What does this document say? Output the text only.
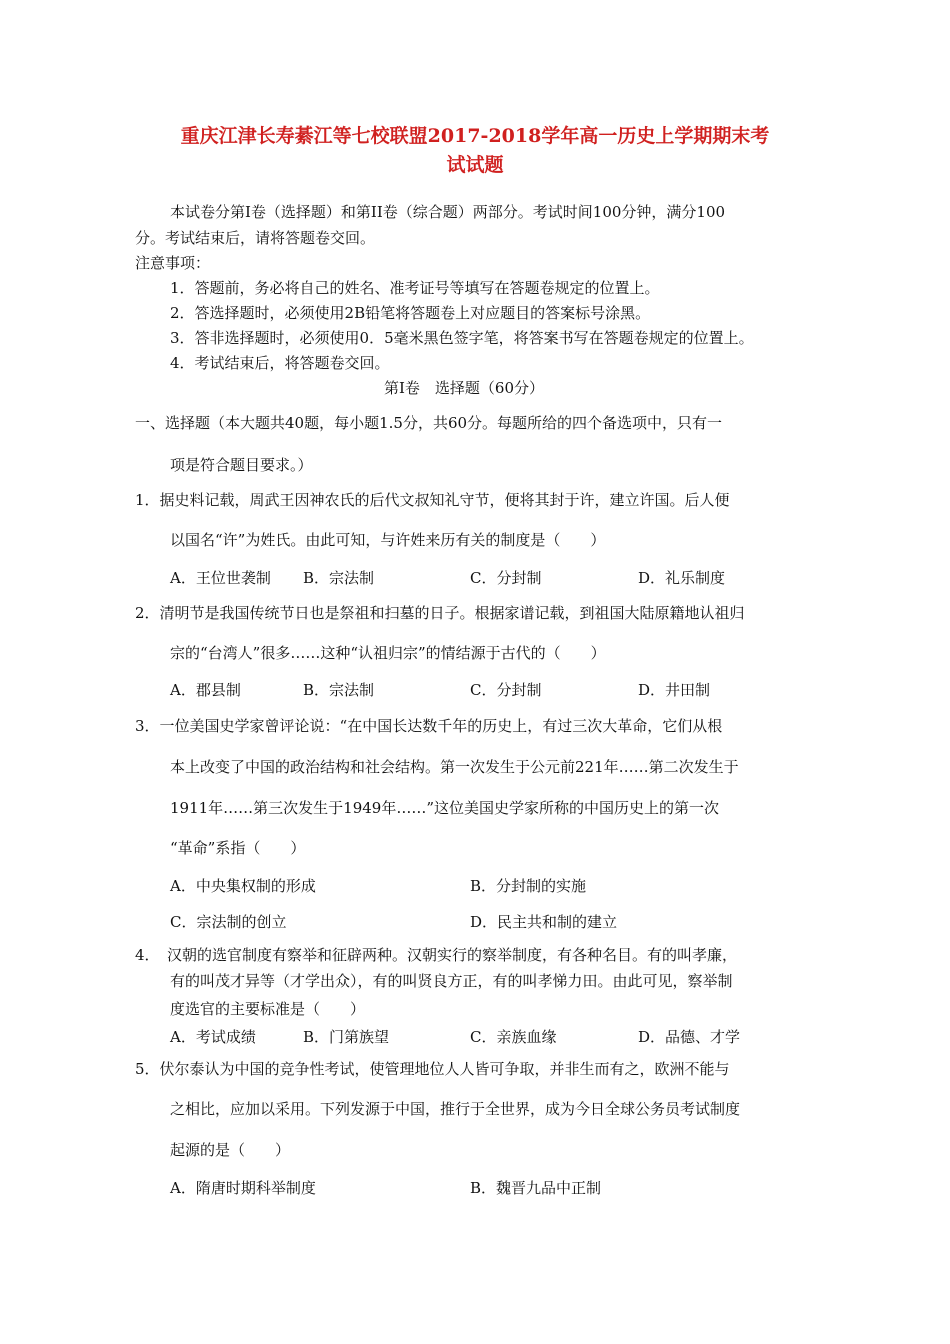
重庆江津长寿綦江等七校联盟2017-2018学年高一历史上学期期末考
试试题
本试卷分第Ⅰ卷（选择题）和第II卷（综合题）两部分。考试时间100分钟，满分100
分。考试结束后，请将答题卷交回。
注意事项：
1．答题前，务必将自己的姓名、准考证号等填写在答题卷规定的位置上。
2．答选择题时，必须使用2B铅笔将答题卷上对应题目的答案标号涂黑。
3．答非选择题时，必须使用0．5毫米黑色签字笔，将答案书写在答题卷规定的位置上。
4．考试结束后，将答题卷交回。
第Ⅰ卷　选择题（60分）
一、选择题（本大题共40题，每小题1.5分，共60分。每题所给的四个备选项中，只有一
项是符合题目要求。）
1．据史料记载，周武王因神农氏的后代文叔知礼守节，便将其封于许，建立许国。后人便
以国名“许”为姓氏。由此可知，与许姓来历有关的制度是（　　）
A．王位世袭制 B．宗法制	C．分封制	D．礼乐制度
2．清明节是我国传统节日也是祭祖和扫墓的日子。根据家谱记载，到祖国大陆原籍地认祖归
宗的“台湾人”很多……这种“认祖归宗”的情结源于古代的（　　）
A．郡县制	B．宗法制	C．分封制	D．井田制
3．一位美国史学家曾评论说：“在中国长达数千年的历史上，有过三次大革命，它们从根
本上改变了中国的政治结构和社会结构。第一次发生于公元前221年……第二次发生于
1911年……第三次发生于1949年……”这位美国史学家所称的中国历史上的第一次
“革命”系指（　　）
A．中央集权制的形成	B．分封制的实施
C．宗法制的创立	D．民主共和制的建立
4．　汉朝的选官制度有察举和征辟两种。汉朝实行的察举制度，有各种名目。有的叫孝廉，
有的叫茂才异等（才学出众），有的叫贤良方正，有的叫孝悌力田。由此可见，察举制
度选官的主要标准是（　　）
A．考试成绩	B．门第族望	C．亲族血缘	D．品德、才学
5．伏尔泰认为中国的竞争性考试，使管理地位人人皆可争取，并非生而有之，欧洲不能与
之相比，应加以采用。下列发源于中国，推行于全世界，成为今日全球公务员考试制度
起源的是（　　）
A．隋唐时期科举制度	B．魏晋九品中正制
